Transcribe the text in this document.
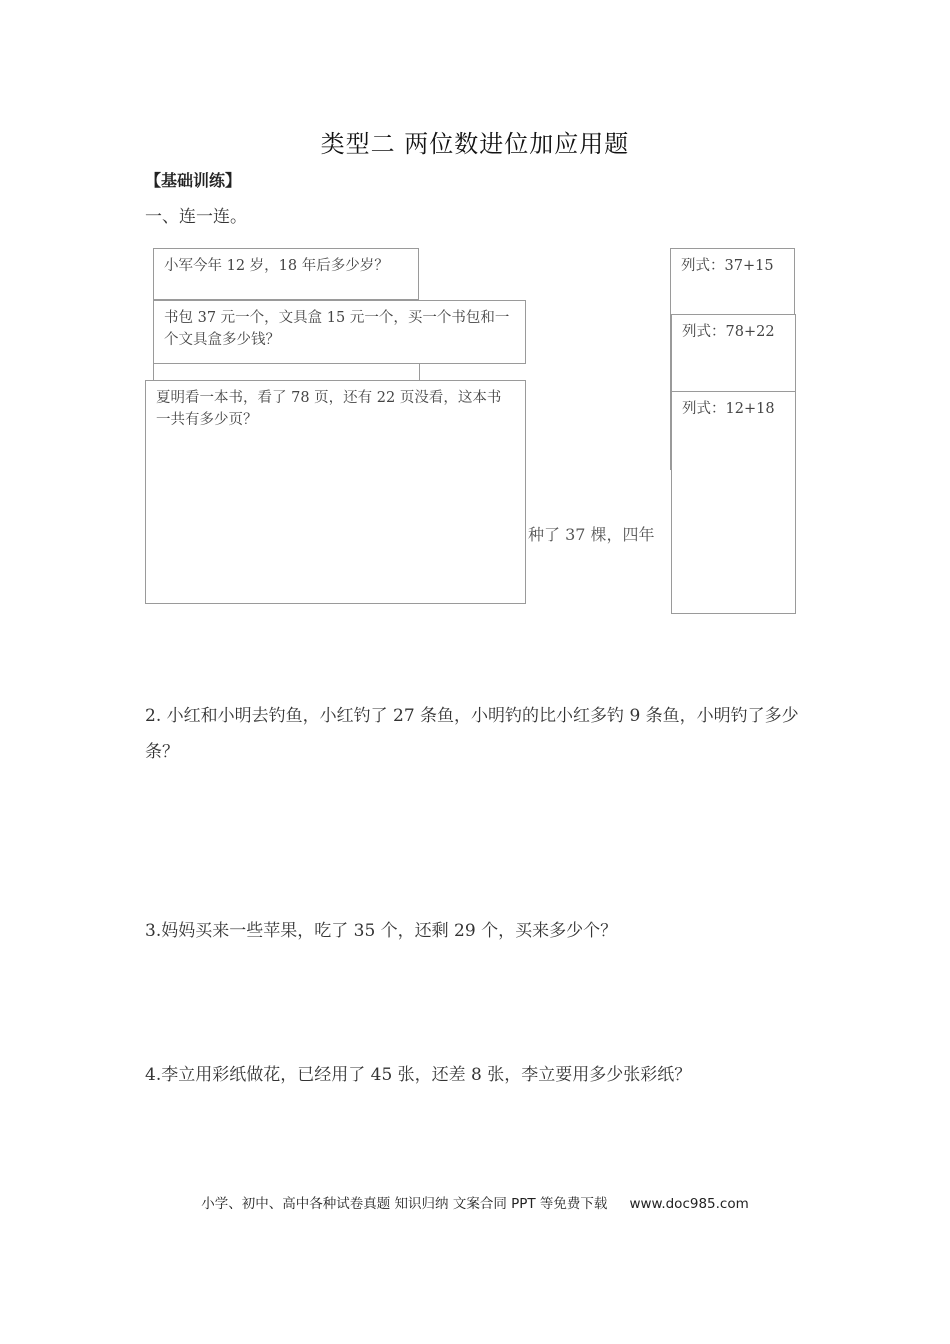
类型二 两位数进位加应用题
【基础训练】
一、连一连。
小军今年 12 岁，18 年后多少岁？
书包 37 元一个，文具盒 15 元一个，买一个书包和一个文具盒多少钱？
夏明看一本书，看了 78 页，还有 22 页没看，这本书一共有多少页？
种了 37 棵，四年
列式：37+15
列式：78+22
列式：12+18
2. 小红和小明去钓鱼，小红钓了 27 条鱼，小明钓的比小红多钓 9 条鱼，小明钓了多少条？
3.妈妈买来一些苹果，吃了 35 个，还剩 29 个，买来多少个？
4.李立用彩纸做花，已经用了 45 张，还差 8 张，李立要用多少张彩纸？
小学、初中、高中各种试卷真题 知识归纳 文案合同 PPT 等免费下载 www.doc985.com
